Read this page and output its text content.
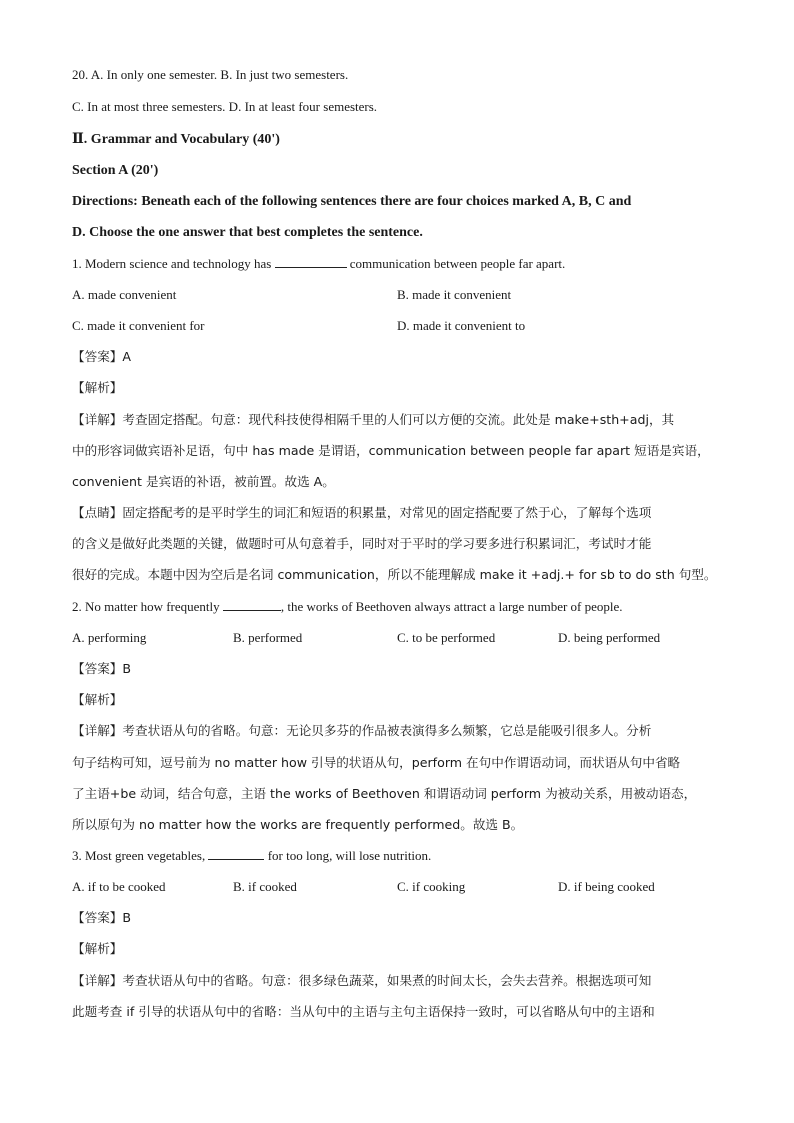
20. A. In only one semester. B. In just two semesters.
C. In at most three semesters. D. In at least four semesters.
Ⅱ. Grammar and Vocabulary (40')
Section A (20')
Directions: Beneath each of the following sentences there are four choices marked A, B, C and
D. Choose the one answer that best completes the sentence.
1. Modern science and technology has	communication between people far apart.
A. made convenient	B. made it convenient
C. made it convenient for	D. made it convenient to
【答案】A
【解析】
【详解】考查固定搭配。句意：现代科技使得相隔千里的人们可以方便的交流。此处是 make+sth+adj，其
中的形容词做宾语补足语，句中 has made 是谓语，communication between people far apart 短语是宾语，
convenient 是宾语的补语，被前置。故选 A。
【点睛】固定搭配考的是平时学生的词汇和短语的积累量，对常见的固定搭配要了然于心，了解每个选项
的含义是做好此类题的关键，做题时可从句意着手，同时对于平时的学习要多进行积累词汇，考试时才能
很好的完成。本题中因为空后是名词 communication，所以不能理解成 make it +adj.+ for sb to do sth 句型。
2. No matter how frequently	, the works of Beethoven always attract a large number of people.
A. performing	B. performed	C. to be performed	D. being performed
【答案】B
【解析】
【详解】考查状语从句的省略。句意：无论贝多芬的作品被表演得多么频繁，它总是能吸引很多人。分析
句子结构可知，逗号前为 no matter how 引导的状语从句，perform 在句中作谓语动词，而状语从句中省略
了主语+be 动词，结合句意，主语 the works of Beethoven 和谓语动词 perform 为被动关系，用被动语态，
所以原句为 no matter how the works are frequently performed。故选 B。
3. Most green vegetables,	for too long, will lose nutrition.
A. if to be cooked	B. if cooked	C. if cooking	D. if being cooked
【答案】B
【解析】
【详解】考查状语从句中的省略。句意：很多绿色蔬菜，如果煮的时间太长，会失去营养。根据选项可知
此题考查 if 引导的状语从句中的省略：当从句中的主语与主句主语保持一致时，可以省略从句中的主语和
